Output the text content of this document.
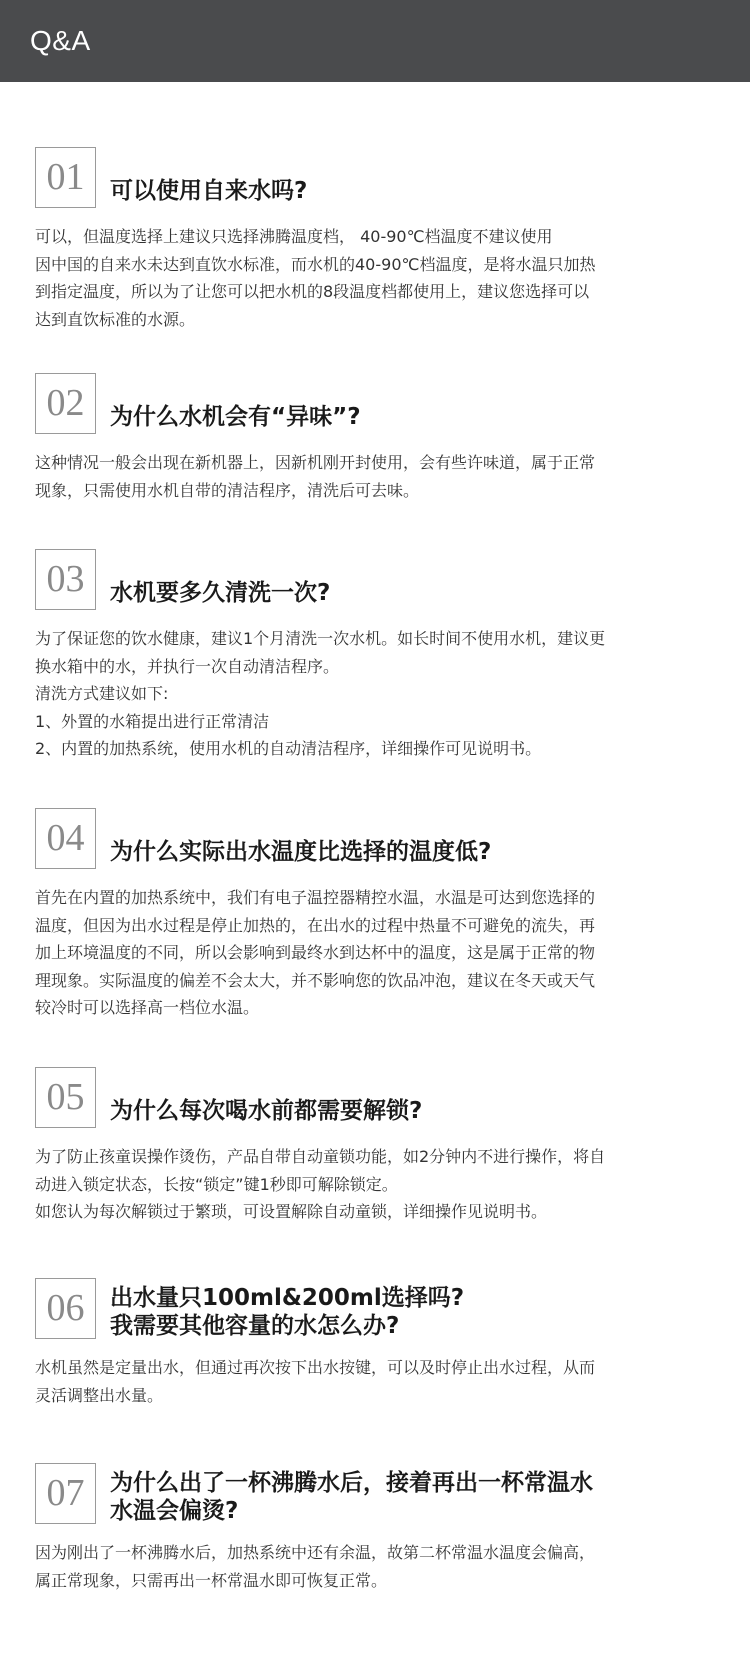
Q&A
01	可以使用自来水吗?
可以，但温度选择上建议只选择沸腾温度档， 40-90℃档温度不建议使用
因中国的自来水未达到直饮水标准，而水机的40-90℃档温度，是将水温只加热
到指定温度，所以为了让您可以把水机的8段温度档都使用上，建议您选择可以
达到直饮标准的水源。
02	为什么水机会有“异味”?
这种情况一般会出现在新机器上，因新机刚开封使用，会有些许味道，属于正常
现象，只需使用水机自带的清洁程序，清洗后可去味。
03	水机要多久清洗一次?
为了保证您的饮水健康，建议1个月清洗一次水机。如长时间不使用水机，建议更
换水箱中的水，并执行一次自动清洁程序。
清洗方式建议如下:
1、外置的水箱提出进行正常清洁
2、内置的加热系统，使用水机的自动清洁程序，详细操作可见说明书。
04	为什么实际出水温度比选择的温度低?
首先在内置的加热系统中，我们有电子温控器精控水温，水温是可达到您选择的
温度，但因为出水过程是停止加热的，在出水的过程中热量不可避免的流失，再
加上环境温度的不同，所以会影响到最终水到达杯中的温度，这是属于正常的物
理现象。实际温度的偏差不会太大，并不影响您的饮品冲泡，建议在冬天或天气
较冷时可以选择高一档位水温。
05	为什么每次喝水前都需要解锁?
为了防止孩童误操作烫伤，产品自带自动童锁功能，如2分钟内不进行操作，将自
动进入锁定状态，长按“锁定”键1秒即可解除锁定。
如您认为每次解锁过于繁琐，可设置解除自动童锁，详细操作见说明书。
06	出水量只100ml&200ml选择吗?
我需要其他容量的水怎么办?
水机虽然是定量出水，但通过再次按下出水按键，可以及时停止出水过程，从而
灵活调整出水量。
07	为什么出了一杯沸腾水后，接着再出一杯常温水
水温会偏烫?
因为刚出了一杯沸腾水后，加热系统中还有余温，故第二杯常温水温度会偏高，
属正常现象，只需再出一杯常温水即可恢复正常。
